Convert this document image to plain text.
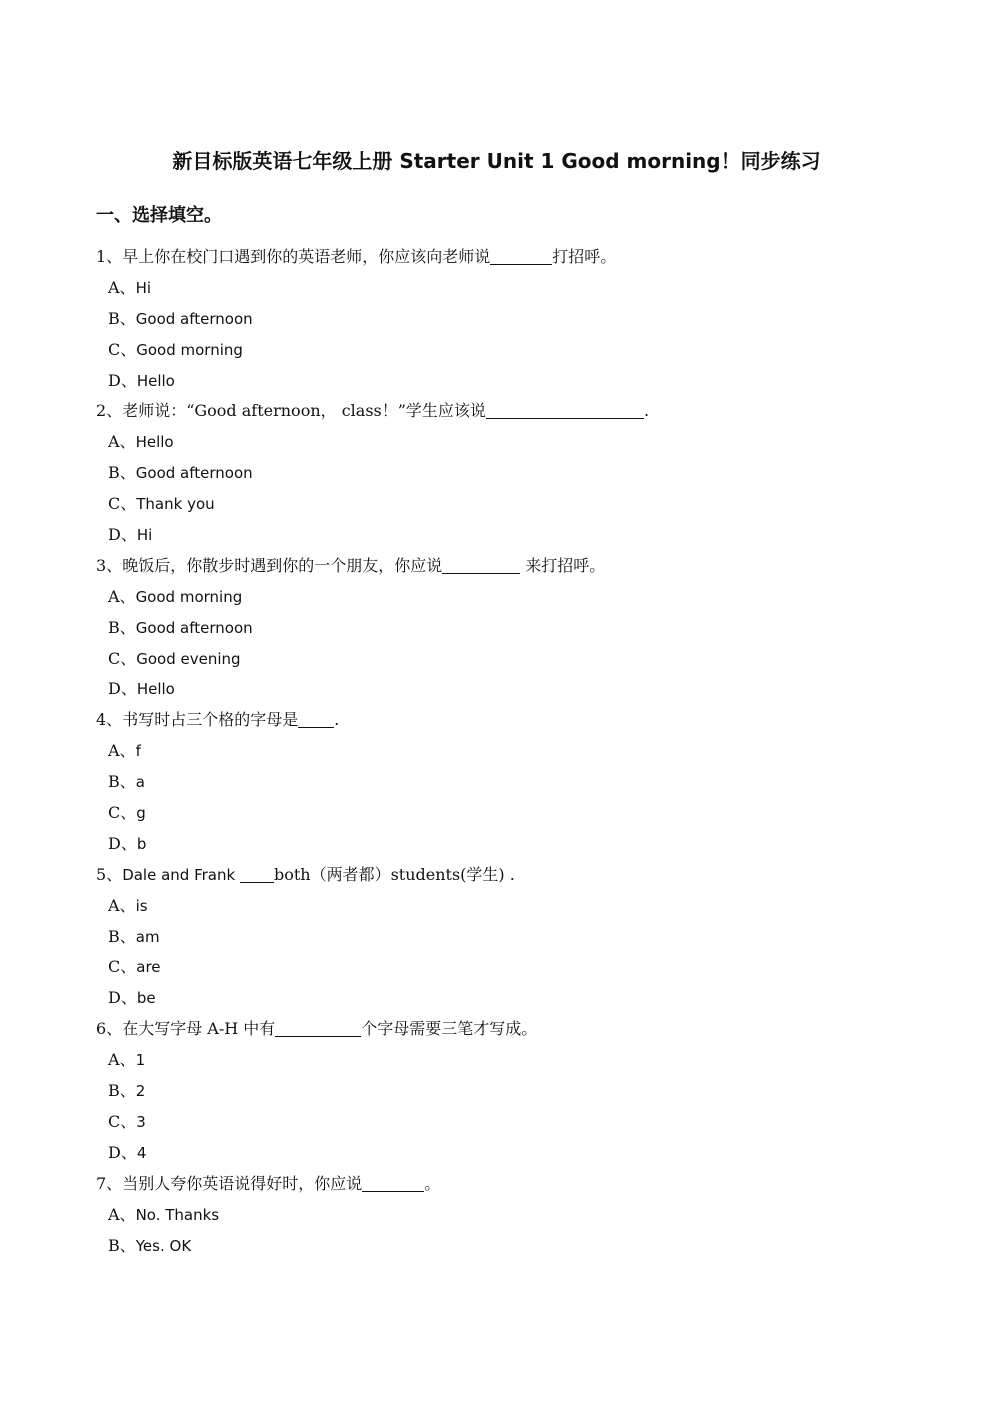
新目标版英语七年级上册 Starter Unit 1 Good morning！同步练习
一、选择填空。
1、早上你在校门口遇到你的英语老师，你应该向老师说	打招呼。
A、Hi
B、Good afternoon
C、Good morning
D、Hello
2、老师说：“Good afternoon， class！”学生应该说	.
A、Hello
B、Good afternoon
C、Thank you
D、Hi
3、晚饭后，你散步时遇到你的一个朋友，你应说	来打招呼。
A、Good morning
B、Good afternoon
C、Good evening
D、Hello
4、书写时占三个格的字母是 .
A、f
B、a
C、g
D、b
5、Dale and Frank both（两者都）students(学生) .
A、is
B、am
C、are
D、be
6、在大写字母 A-H 中有	个字母需要三笔才写成。
A、1
B、2
C、3
D、4
7、当别人夸你英语说得好时，你应说	。
A、No. Thanks
B、Yes. OK
